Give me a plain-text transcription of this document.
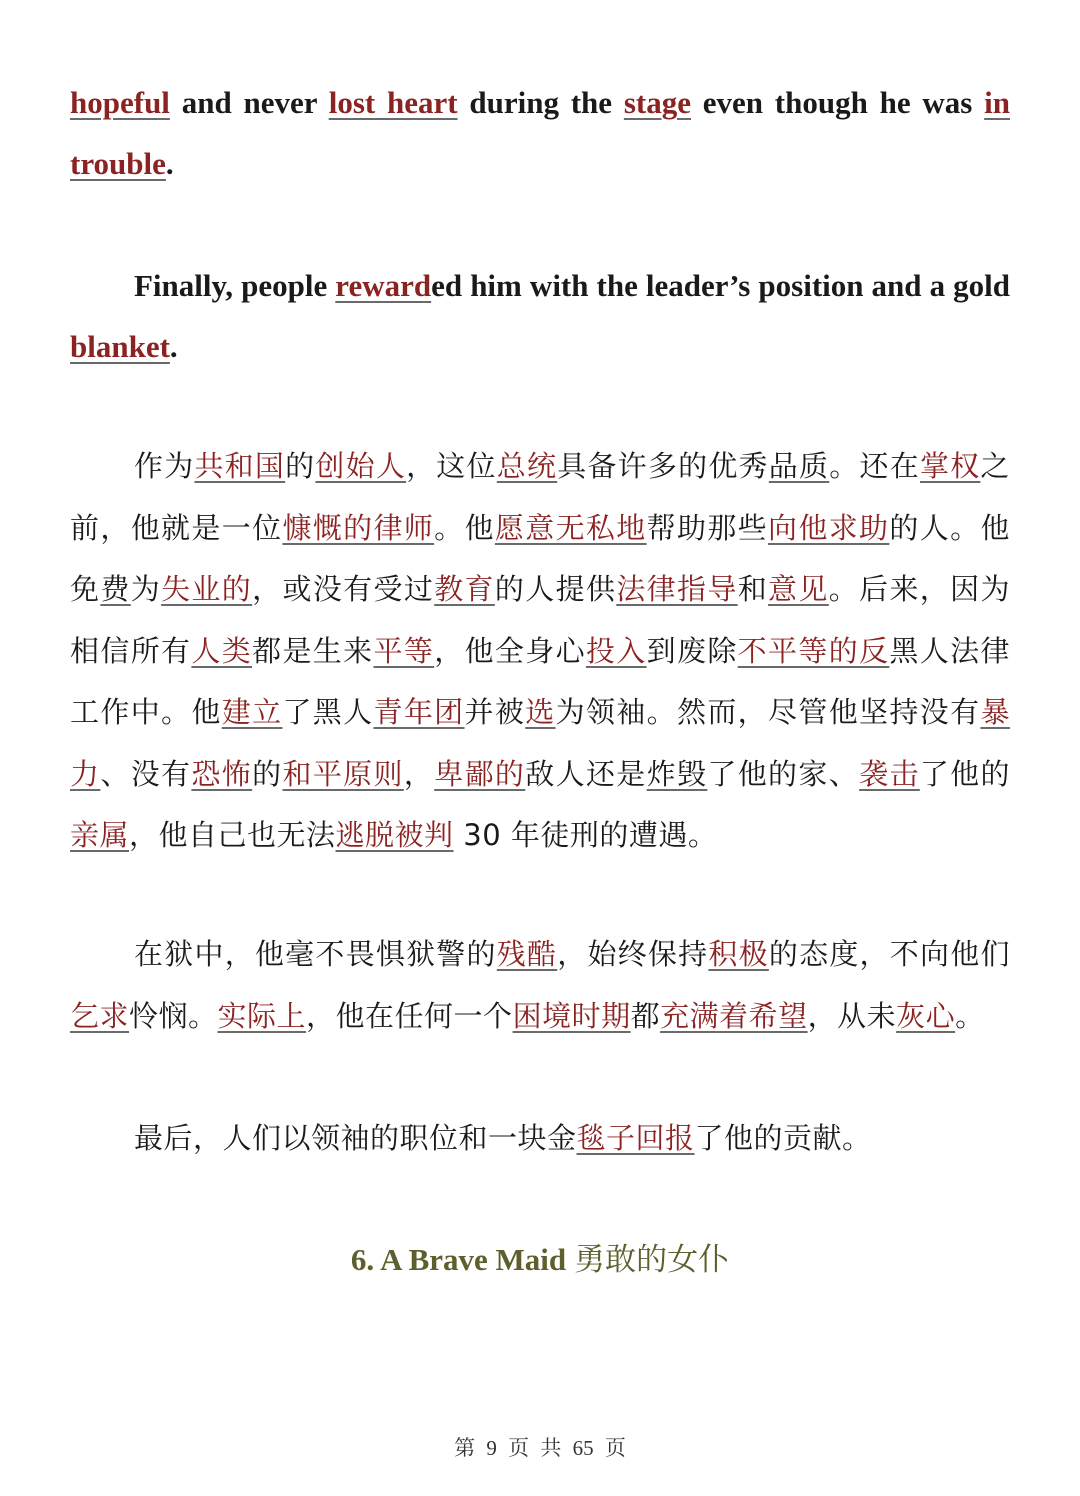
hopeful and never lost heart during the stage even though he was in trouble.

Finally, people rewarded him with the leader’s position and a gold blanket.

作为共和国的创始人，这位总统具备许多的优秀品质。还在掌权之前，他就是一位慷慨的律师。他愿意无私地帮助那些向他求助的人。他免费为失业的，或没有受过教育的人提供法律指导和意见。后来，因为相信所有人类都是生来平等，他全身心投入到废除不平等的反黑人法律工作中。他建立了黑人青年团并被选为领袖。然而，尽管他坚持没有暴力、没有恐怖的和平原则，卑鄙的敌人还是炸毁了他的家、袭击了他的亲属，他自己也无法逃脱被判 30 年徒刑的遭遇。

在狱中，他毫不畏惧狱警的残酷，始终保持积极的态度，不向他们乞求怜悯。实际上，他在任何一个困境时期都充满着希望，从未灰心。

最后，人们以领袖的职位和一块金毯子回报了他的贡献。

6. A Brave Maid 勇敢的女仆
第 9 页 共 65 页
